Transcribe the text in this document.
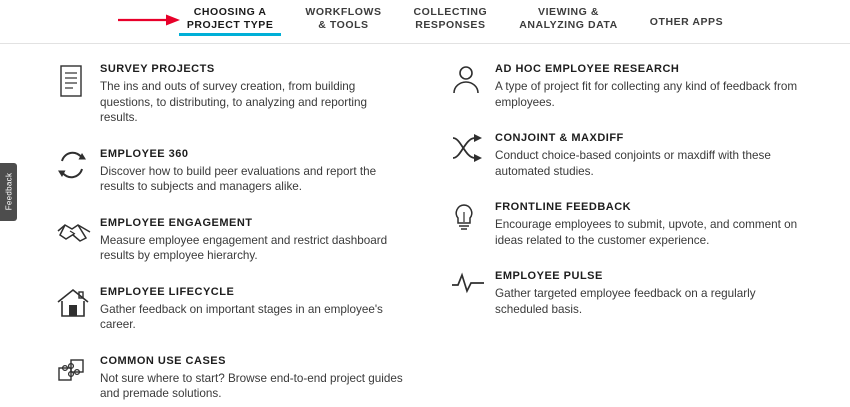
CHOOSING A
PROJECT TYPE
WORKFLOWS
& TOOLS
COLLECTING
RESPONSES
VIEWING &
ANALYZING DATA	OTHER APPS
Feedback
SURVEY PROJECTS
The ins and outs of survey creation, from building questions, to distributing, to analyzing and reporting results.
EMPLOYEE 360
Discover how to build peer evaluations and report the results to subjects and managers alike.
EMPLOYEE ENGAGEMENT
Measure employee engagement and restrict dashboard results by employee hierarchy.
EMPLOYEE LIFECYCLE
Gather feedback on important stages in an employee's career.
COMMON USE CASES
Not sure where to start? Browse end-to-end project guides and premade solutions.
AD HOC EMPLOYEE RESEARCH
A type of project fit for collecting any kind of feedback from employees.
CONJOINT & MAXDIFF
Conduct choice-based conjoints or maxdiff with these automated studies.
FRONTLINE FEEDBACK
Encourage employees to submit, upvote, and comment on ideas related to the customer experience.
EMPLOYEE PULSE
Gather targeted employee feedback on a regularly scheduled basis.
